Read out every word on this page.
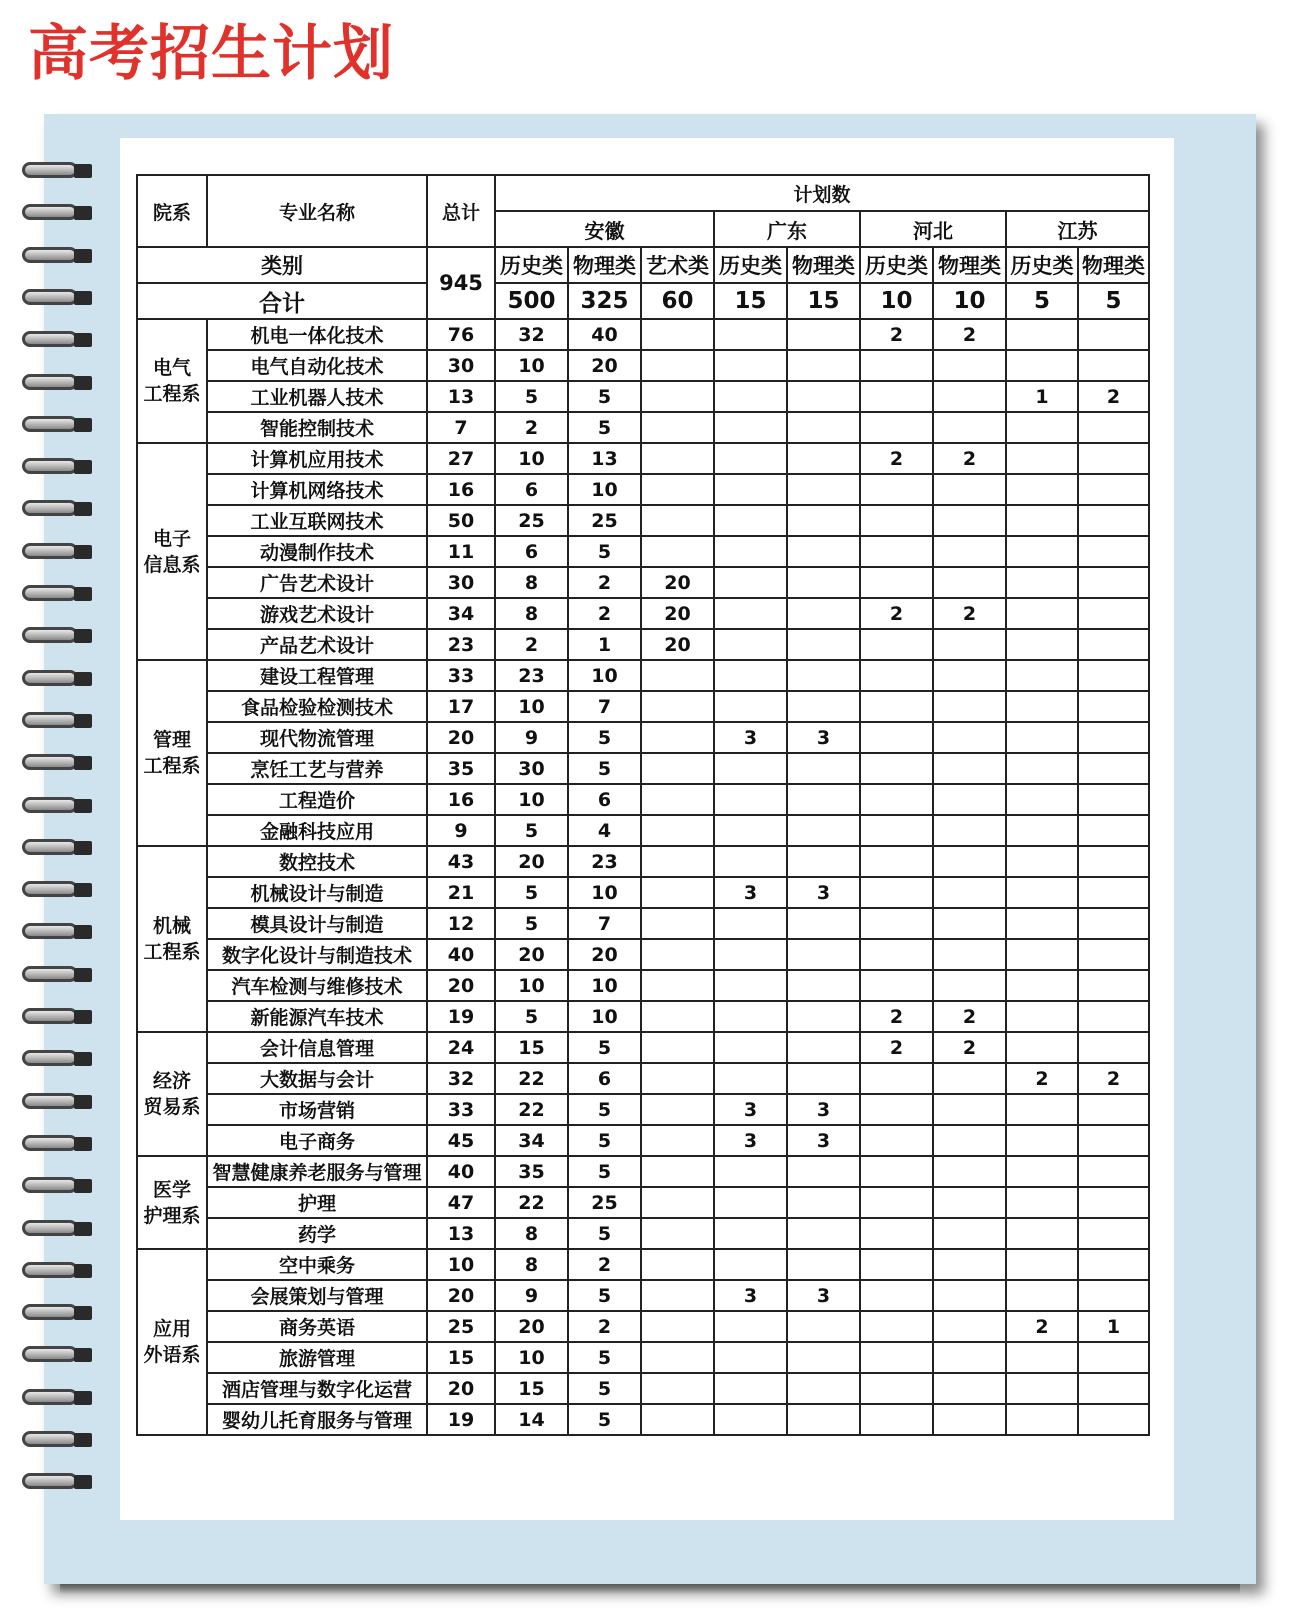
高考招生计划
院系	专业名称	总计	计划数								
			安徽			广东		河北		江苏	
类别		945	历史类	物理类	艺术类	历史类	物理类	历史类	物理类	历史类	物理类
合计			500	325	60	15	15	10	10	5	5
电气
工程系	机电一体化技术	76	32	40				2	2		
	电气自动化技术	30	10	20							
	工业机器人技术	13	5	5						1	2
	智能控制技术	7	2	5							
电子
信息系	计算机应用技术	27	10	13				2	2		
	计算机网络技术	16	6	10							
	工业互联网技术	50	25	25							
	动漫制作技术	11	6	5							
	广告艺术设计	30	8	2	20						
	游戏艺术设计	34	8	2	20			2	2		
	产品艺术设计	23	2	1	20						
管理
工程系	建设工程管理	33	23	10							
	食品检验检测技术	17	10	7							
	现代物流管理	20	9	5		3	3				
	烹饪工艺与营养	35	30	5							
	工程造价	16	10	6							
	金融科技应用	9	5	4							
机械
工程系	数控技术	43	20	23							
	机械设计与制造	21	5	10		3	3				
	模具设计与制造	12	5	7							
	数字化设计与制造技术	40	20	20							
	汽车检测与维修技术	20	10	10							
	新能源汽车技术	19	5	10				2	2		
经济
贸易系	会计信息管理	24	15	5				2	2		
	大数据与会计	32	22	6						2	2
	市场营销	33	22	5		3	3				
	电子商务	45	34	5		3	3				
医学
护理系	智慧健康养老服务与管理	40	35	5							
	护理	47	22	25							
	药学	13	8	5							
应用
外语系	空中乘务	10	8	2							
	会展策划与管理	20	9	5		3	3				
	商务英语	25	20	2						2	1
	旅游管理	15	10	5							
	酒店管理与数字化运营	20	15	5							
	婴幼儿托育服务与管理	19	14	5							
